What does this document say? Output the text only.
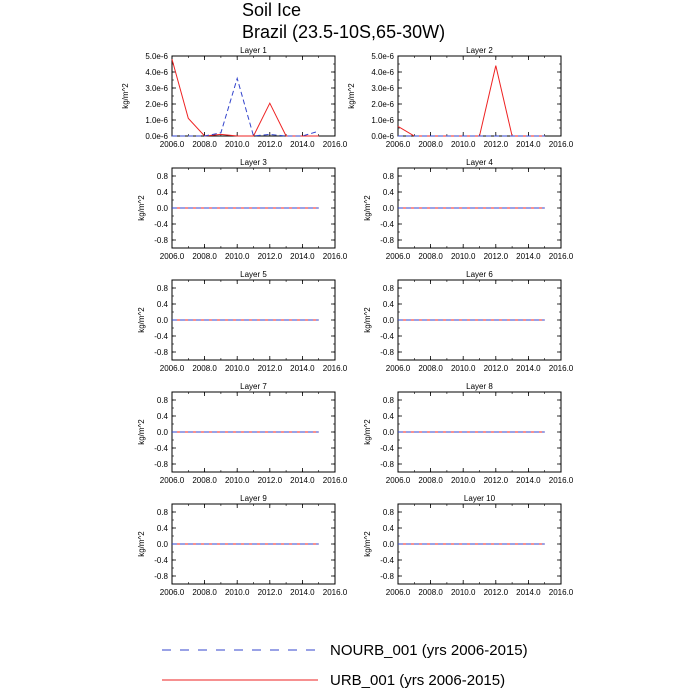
Soil Ice
Brazil (23.5-10S,65-30W)
Layer 1
2006.0 2008.0 2010.0 2012.0 2014.0 2016.0
0.0e-6
1.0e-6
2.0e-6
3.0e-6
4.0e-6
5.0e-6
kg/m^2
Layer 2
2006.0 2008.0 2010.0 2012.0 2014.0 2016.0
0.0e-6
1.0e-6
2.0e-6
3.0e-6
4.0e-6
5.0e-6
kg/m^2
Layer 3
2006.0 2008.0 2010.0 2012.0 2014.0 2016.0
-0.8
-0.4
0.0
0.4
0.8
kg/m^2
Layer 4
2006.0 2008.0 2010.0 2012.0 2014.0 2016.0
-0.8
-0.4
0.0
0.4
0.8
kg/m^2
Layer 5
2006.0 2008.0 2010.0 2012.0 2014.0 2016.0
-0.8
-0.4
0.0
0.4
0.8
kg/m^2
Layer 6
2006.0 2008.0 2010.0 2012.0 2014.0 2016.0
-0.8
-0.4
0.0
0.4
0.8
kg/m^2
Layer 7
2006.0 2008.0 2010.0 2012.0 2014.0 2016.0
-0.8
-0.4
0.0
0.4
0.8
kg/m^2
Layer 8
2006.0 2008.0 2010.0 2012.0 2014.0 2016.0
-0.8
-0.4
0.0
0.4
0.8
kg/m^2
Layer 9
2006.0 2008.0 2010.0 2012.0 2014.0 2016.0
-0.8
-0.4
0.0
0.4
0.8
kg/m^2
Layer 10
2006.0 2008.0 2010.0 2012.0 2014.0 2016.0
-0.8
-0.4
0.0
0.4
0.8
kg/m^2
NOURB_001 (yrs 2006-2015)
URB_001 (yrs 2006-2015)
